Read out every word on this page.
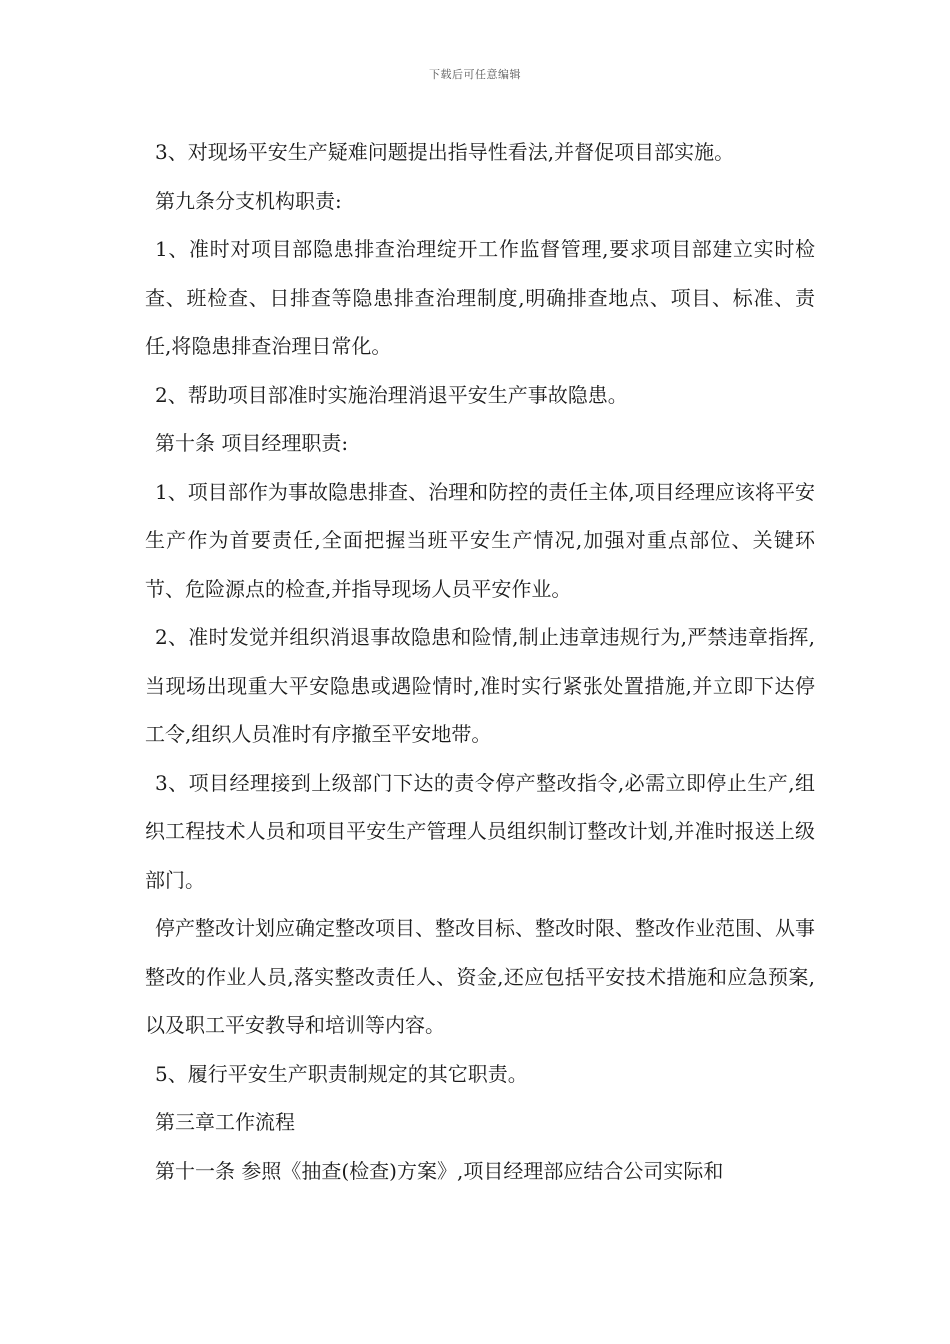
下载后可任意编辑

3、对现场平安生产疑难问题提出指导性看法,并督促项目部实施。

第九条分支机构职责:

1、准时对项目部隐患排查治理绽开工作监督管理,要求项目部建立实时检查、班检查、日排查等隐患排查治理制度,明确排查地点、项目、标准、责任,将隐患排查治理日常化。

2、帮助项目部准时实施治理消退平安生产事故隐患。

第十条 项目经理职责:

1、项目部作为事故隐患排查、治理和防控的责任主体,项目经理应该将平安生产作为首要责任,全面把握当班平安生产情况,加强对重点部位、关键环节、危险源点的检查,并指导现场人员平安作业。

2、准时发觉并组织消退事故隐患和险情,制止违章违规行为,严禁违章指挥,当现场出现重大平安隐患或遇险情时,准时实行紧张处置措施,并立即下达停工令,组织人员准时有序撤至平安地带。

3、项目经理接到上级部门下达的责令停产整改指令,必需立即停止生产,组织工程技术人员和项目平安生产管理人员组织制订整改计划,并准时报送上级部门。

停产整改计划应确定整改项目、整改目标、整改时限、整改作业范围、从事整改的作业人员,落实整改责任人、资金,还应包括平安技术措施和应急预案,以及职工平安教导和培训等内容。

5、履行平安生产职责制规定的其它职责。

第三章工作流程

第十一条 参照《抽查(检查)方案》,项目经理部应结合公司实际和
